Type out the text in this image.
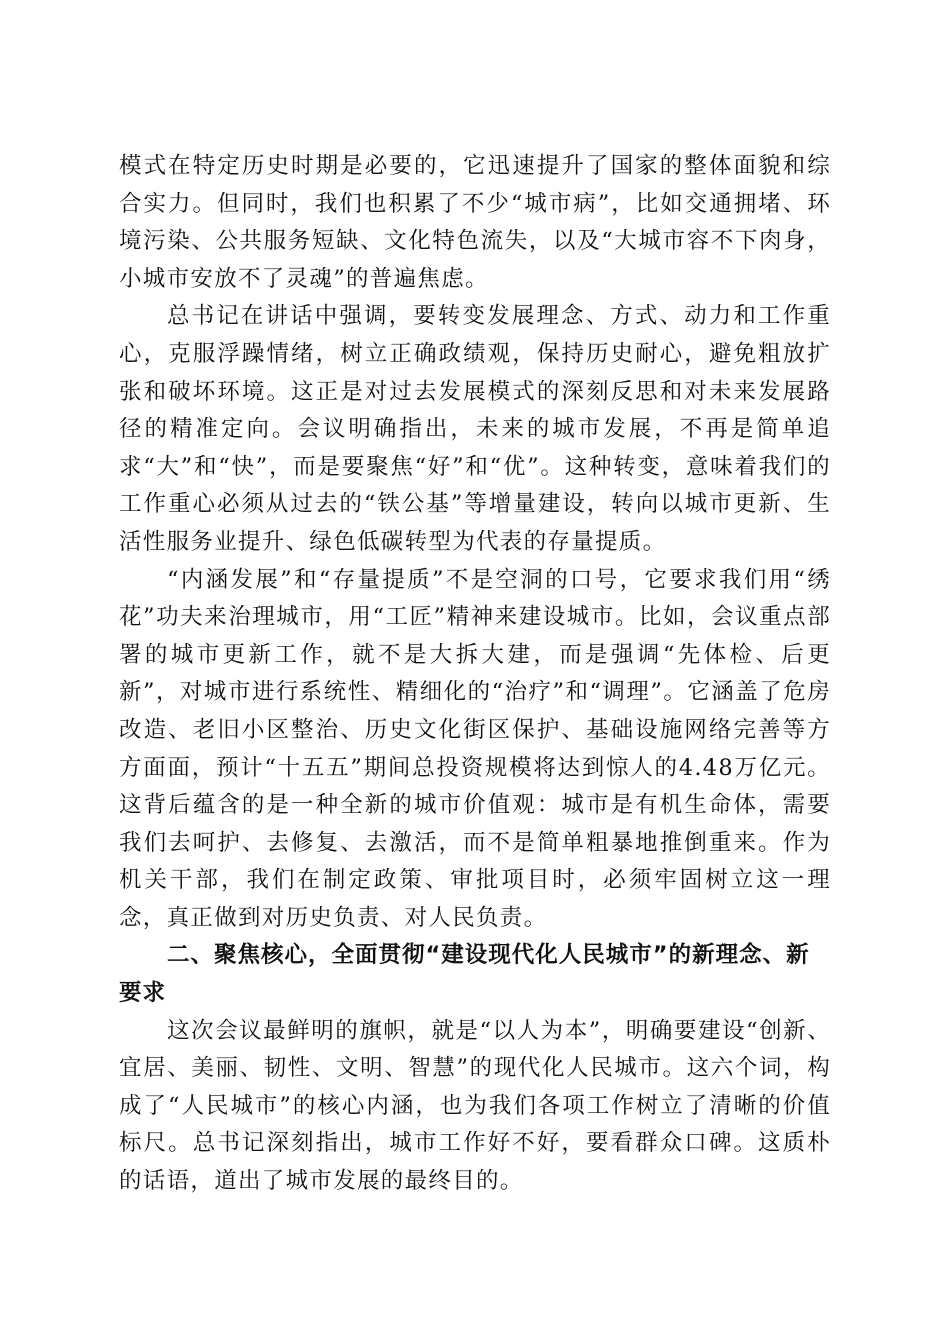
模式在特定历史时期是必要的，它迅速提升了国家的整体面貌和综合实力。但同时，我们也积累了不少“城市病”，比如交通拥堵、环境污染、公共服务短缺、文化特色流失，以及“大城市容不下肉身，小城市安放不了灵魂”的普遍焦虑。

总书记在讲话中强调，要转变发展理念、方式、动力和工作重心，克服浮躁情绪，树立正确政绩观，保持历史耐心，避免粗放扩张和破坏环境。这正是对过去发展模式的深刻反思和对未来发展路径的精准定向。会议明确指出，未来的城市发展，不再是简单追求“大”和“快”，而是要聚焦“好”和“优”。这种转变，意味着我们的工作重心必须从过去的“铁公基”等增量建设，转向以城市更新、生活性服务业提升、绿色低碳转型为代表的存量提质。

“内涵发展”和“存量提质”不是空洞的口号，它要求我们用“绣花”功夫来治理城市，用“工匠”精神来建设城市。比如，会议重点部署的城市更新工作，就不是大拆大建，而是强调“先体检、后更新”，对城市进行系统性、精细化的“治疗”和“调理”。它涵盖了危房改造、老旧小区整治、历史文化街区保护、基础设施网络完善等方方面面，预计“十五五”期间总投资规模将达到惊人的4.48万亿元。这背后蕴含的是一种全新的城市价值观：城市是有机生命体，需要我们去呵护、去修复、去激活，而不是简单粗暴地推倒重来。作为机关干部，我们在制定政策、审批项目时，必须牢固树立这一理念，真正做到对历史负责、对人民负责。

二、聚焦核心，全面贯彻“建设现代化人民城市”的新理念、新要求

这次会议最鲜明的旗帜，就是“以人为本”，明确要建设“创新、宜居、美丽、韧性、文明、智慧”的现代化人民城市。这六个词，构成了“人民城市”的核心内涵，也为我们各项工作树立了清晰的价值标尺。总书记深刻指出，城市工作好不好，要看群众口碑。这质朴的话语，道出了城市发展的最终目的。
